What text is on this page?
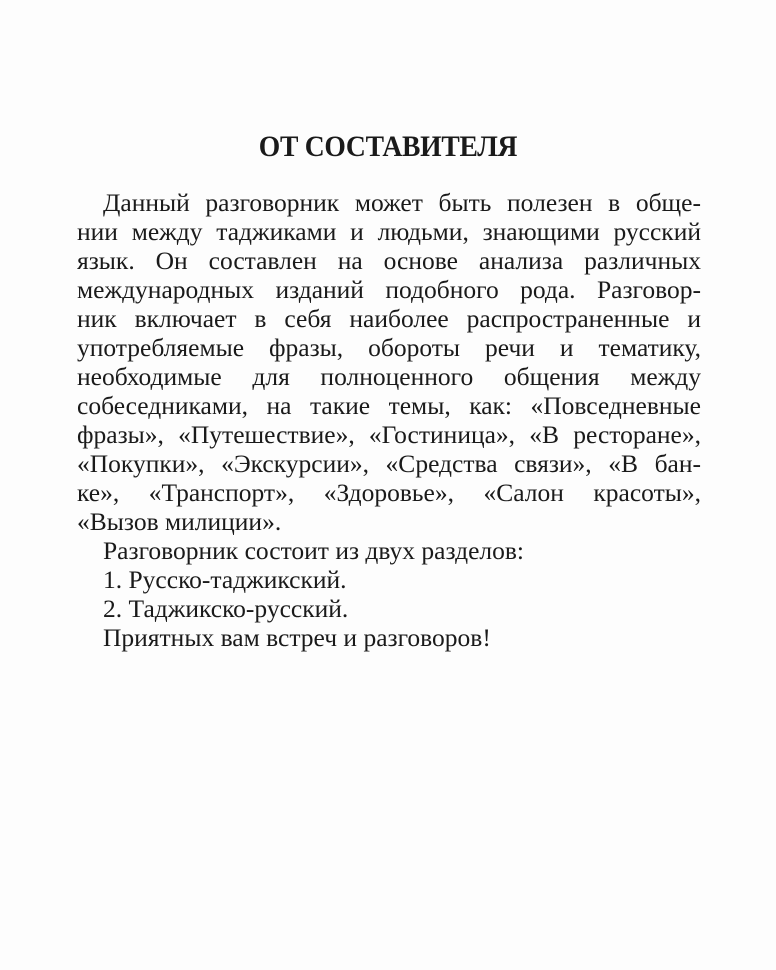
ОТ СОСТАВИТЕЛЯ
Данный разговорник может быть полезен в обще-
нии между таджиками и людьми, знающими русский
язык. Он составлен на основе анализа различных
международных изданий подобного рода. Разговор-
ник включает в себя наиболее распространенные и
употребляемые фразы, обороты речи и тематику,
необходимые для полноценного общения между
собеседниками, на такие темы, как: «Повседневные
фразы», «Путешествие», «Гостиница», «В ресторане»,
«Покупки», «Экскурсии», «Средства связи», «В бан-
ке», «Транспорт», «Здоровье», «Салон красоты»,
«Вызов милиции».
Разговорник состоит из двух разделов:
1. Русско-таджикский.
2. Таджикско-русский.
Приятных вам встреч и разговоров!
